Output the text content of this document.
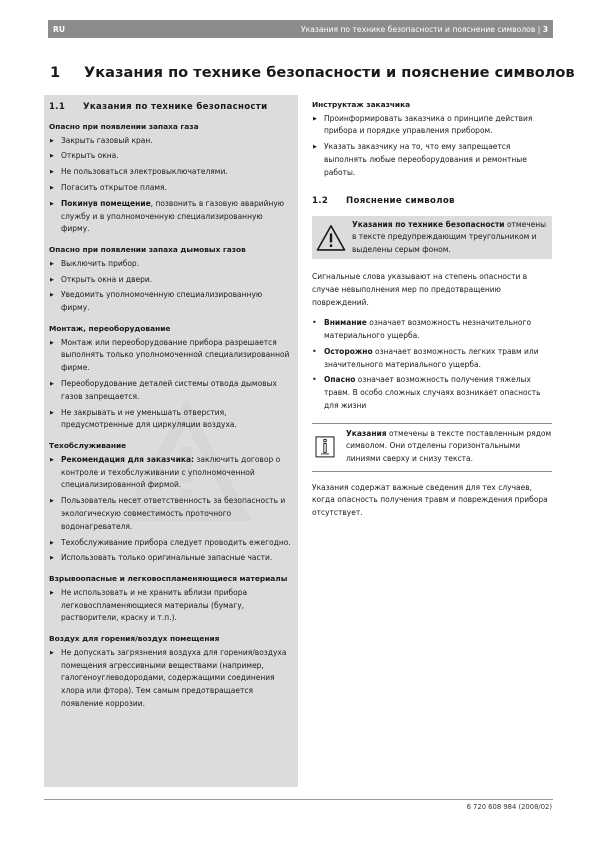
RU	Указания по технике безопасности и пояснение символов | 3
1 Указания по технике безопасности и пояснение символов
1.1 Указания по технике безопасности
Опасно при появлении запаха газа
▶ Закрыть газовый кран.
▶ Открыть окна.
▶ Не пользоваться электровыключателями.
▶ Погасить открытое пламя.
▶ Покинув помещение, позвонить в газовую аварийную службу и в уполномоченную специализированную фирму.
Опасно при появлении запаха дымовых газов
▶ Выключить прибор.
▶ Открыть окна и двери.
▶ Уведомить уполномоченную специализированную фирму.
Монтаж, переоборудование
▶ Монтаж или переоборудование прибора разрешается выполнять только уполномоченной специализированной фирме.
▶ Переоборудование деталей системы отвода дымовых газов запрещается.
▶ Не закрывать и не уменьшать отверстия, предусмотренные для циркуляции воздуха.
Техобслуживание
▶ Рекомендация для заказчика: заключить договор о контроле и техобслуживании с уполномоченной специализированной фирмой.
▶ Пользователь несет ответственность за безопасность и экологическую совместимость проточного водонагревателя.
▶ Техобслуживание прибора следует проводить ежегодно.
▶ Использовать только оригинальные запасные части.
Взрывоопасные и легковоспламеняющиеся материалы
▶ Не использовать и не хранить вблизи прибора легковоспламеняющиеся материалы (бумагу, растворители, краску и т.п.).
Воздух для горения/воздух помещения
▶ Не допускать загрязнения воздуха для горения/воздуха помещения агрессивными веществами (например, галогеноуглеводородами, содержащими соединения хлора или фтора). Тем самым предотвращается появление коррозии.
Инструктаж заказчика
▶ Проинформировать заказчика о принципе действия прибора и порядке управления прибором.
▶ Указать заказчику на то, что ему запрещается выполнять любые переоборудования и ремонтные работы.
1.2 Пояснение символов
Указания по технике безопасности отмечены в тексте предупреждающим треугольником и выделены серым фоном.

Сигнальные слова указывают на степень опасности в случае невыполнения мер по предотвращению повреждений.

• Внимание означает возможность незначительного материального ущерба.
• Осторожно означает возможность легких травм или значительного материального ущерба.
• Опасно означает возможность получения тяжелых травм. В особо сложных случаях возникает опасность для жизни
Указания отмечены в тексте поставленным рядом символом. Они отделены горизонтальными линиями сверху и снизу текста.

Указания содержат важные сведения для тех случаев, когда опасность получения травм и повреждения прибора отсутствует.

6 720 608 984 (2008/02)
